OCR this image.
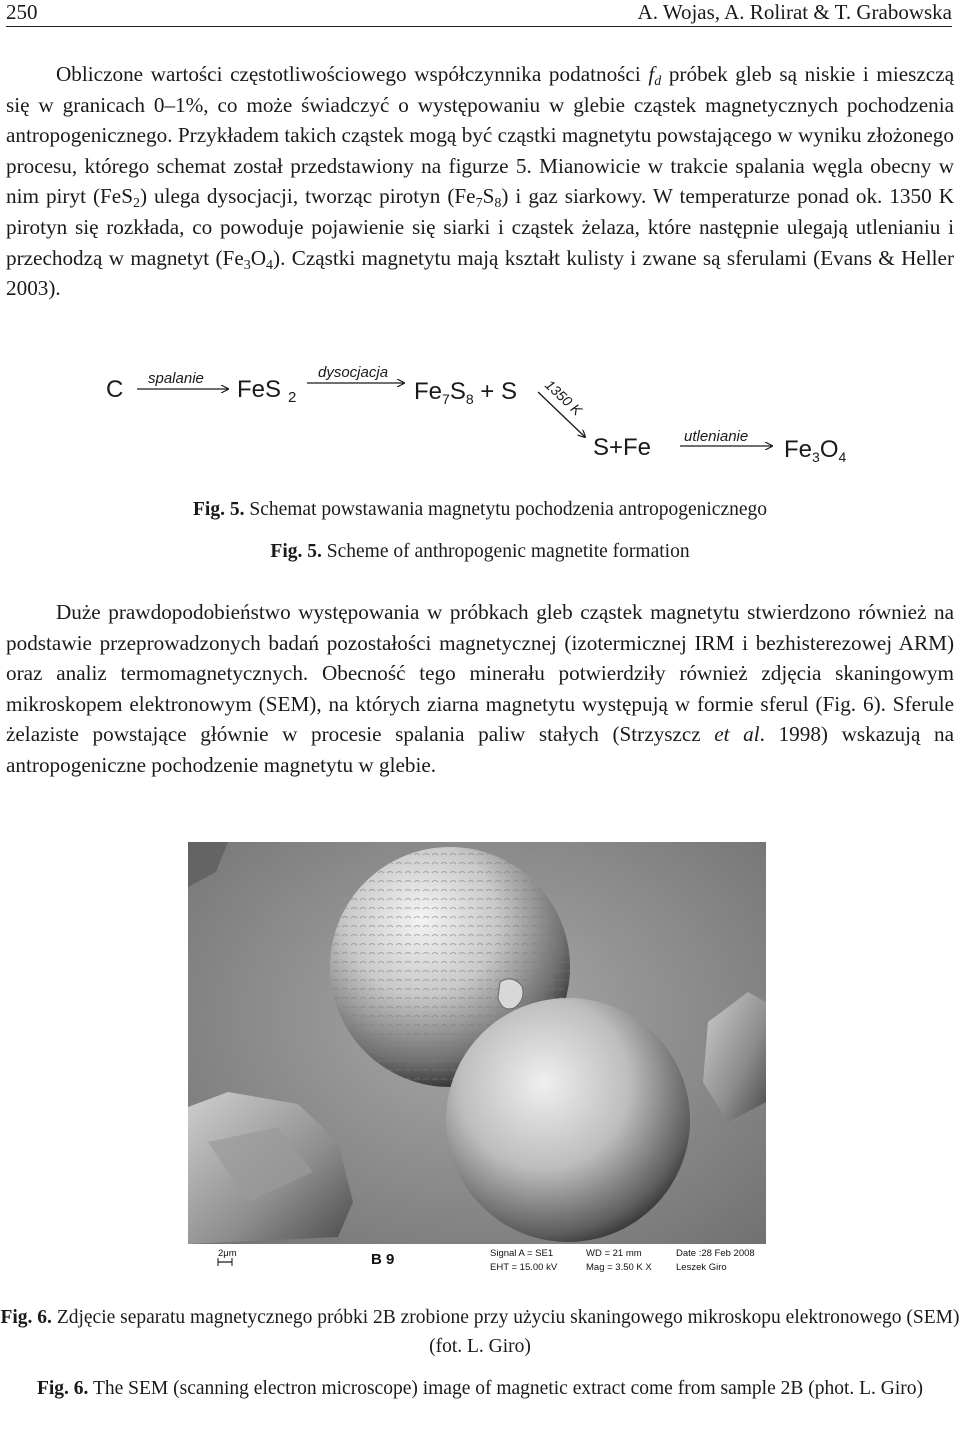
250	A. Wojas, A. Rolirat & T. Grabowska

Obliczone wartości częstotliwościowego współczynnika podatności $f_d$ próbek gleb są niskie i mieszczą się w granicach 0–1%, co może świadczyć o występowaniu w glebie cząstek magnetycznych pochodzenia antropogenicznego. Przykładem takich cząstek mogą być cząstki magnetytu powstającego w wyniku złożonego procesu, którego schemat został przedstawiony na figurze 5. Mianowicie w trakcie spalania węgla obecny w nim piryt (FeS$_2$) ulega dysocjacji, tworząc pirotyn $(Fe_7S_8)$ i gaz siarkowy. W temperaturze ponad ok. 1350 K pirotyn się rozkłada, co powoduje pojawienie się siarki i cząstek żelaza, które następnie ulegają utlenianiu i przechodzą w magnetyt $(Fe_3O_4)$. Cząstki magnetytu mają kształt kulisty i zwane są sferulami (Evans & Heller 2003).

C spalanie FeS 2
dysocjacja
$Fe_7S_8 + S$ 1350 K
S+Fe utlenianie $Fe_3O_4$
Fig. 5. Schemat powstawania magnetytu pochodzenia antropogenicznego
Fig. 5. Scheme of anthropogenic magnetite formation

Duże prawdopodobieństwo występowania w próbkach gleb cząstek magnetytu stwierdzono również na podstawie przeprowadzonych badań pozostałości magnetycznej (izotermicznej IRM i bezhisterezowej ARM) oraz analiz termomagnetycznych. Obecność tego minerału potwierdziły również zdjęcia skaningowym mikroskopem elektronowym (SEM), na których ziarna magnetytu występują w formie sferul (Fig. 6). Sferule żelaziste powstające głównie w procesie spalania paliw stałych (Strzyszcz et al. 1998) wskazują na antropogeniczne pochodzenie magnetytu w glebie.

2μm	B 9	Signal A = SE1
EHT = 15.00 kV
WD = 21 mm
Mag = 3.50 K X
Date :28 Feb 2008
Leszek Giro
Fig. 6. Zdjęcie separatu magnetycznego próbki 2B zrobione przy użyciu skaningowego mikroskopu elektronowego (SEM) (fot. L. Giro)
Fig. 6. The SEM (scanning electron microscope) image of magnetic extract come from sample 2B (phot. L. Giro)
